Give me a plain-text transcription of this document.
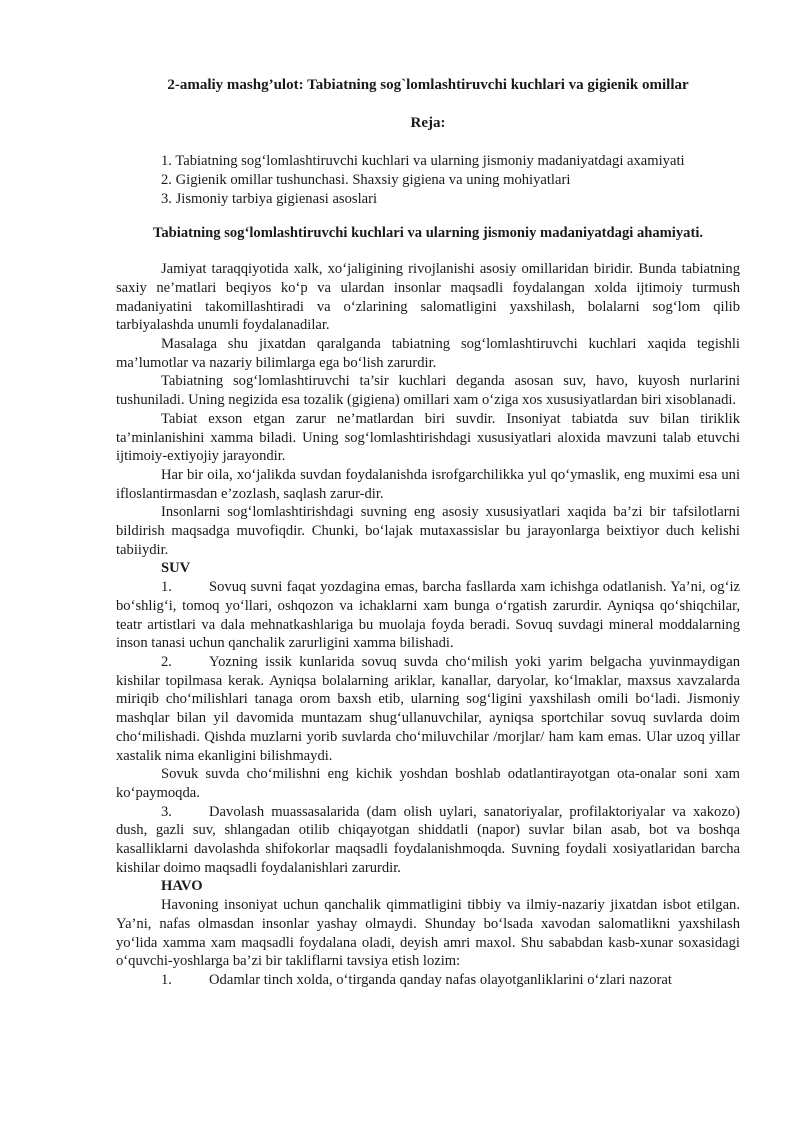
2-amaliy mashg’ulot: Tabiatning sog`lomlashtiruvchi kuchlari va gigienik omillar

Reja:

1. Tabiatning sog‘lomlashtiruvchi kuchlari va ularning jismoniy madaniyatdagi axamiyati
2. Gigienik omillar tushunchasi. Shaxsiy gigiena va uning mohiyatlari
3. Jismoniy tarbiya gigienasi asoslari

Tabiatning sog‘lomlashtiruvchi kuchlari va ularning jismoniy madaniyatdagi ahamiyati.

Jamiyat taraqqiyotida xalk, xo‘jaligining rivojlanishi asosiy omillaridan biridir. Bunda tabiatning saxiy ne’matlari beqiyos ko‘p va ulardan insonlar maqsadli foydalangan xolda ijtimoiy turmush madaniyatini takomillashtiradi va o‘zlarining salomatligini yaxshilash, bolalarni sog‘lom qilib tarbiyalashda unumli foydalanadilar.

Masalaga shu jixatdan qaralganda tabiatning sog‘lomlashtiruvchi kuchlari xaqida tegishli ma’lumotlar va nazariy bilimlarga ega bo‘lish zarurdir.

Tabiatning sog‘lomlashtiruvchi ta’sir kuchlari deganda asosan suv, havo, kuyosh nurlarini tushuniladi. Uning negizida esa tozalik (gigiena) omillari xam o‘ziga xos xususiyatlardan biri xisoblanadi.

Tabiat exson etgan zarur ne’matlardan biri suvdir. Insoniyat tabiatda suv bilan tiriklik ta’minlanishini xamma biladi. Uning sog‘lomlashtirishdagi xususiyatlari aloxida mavzuni talab etuvchi ijtimoiy-extiyojiy jarayondir.

Har bir oila, xo‘jalikda suvdan foydalanishda isrofgarchilikka yul qo‘ymaslik, eng muximi esa uni ifloslantirmasdan e’zozlash, saqlash zarur-dir.

Insonlarni sog‘lomlashtirishdagi suvning eng asosiy xususiyatlari xaqida ba’zi bir tafsilotlarni bildirish maqsadga muvofiqdir. Chunki, bo‘lajak mutaxassislar bu jarayonlarga beixtiyor duch kelishi tabiiydir.

SUV

1.	Sovuq suvni faqat yozdagina emas, barcha fasllarda xam ichishga odatlanish. Ya’ni, og‘iz bo‘shlig‘i, tomoq yo‘llari, oshqozon va ichaklarni xam bunga o‘rgatish zarurdir. Ayniqsa qo‘shiqchilar, teatr artistlari va dala mehnatkashlariga bu muolaja foyda beradi. Sovuq suvdagi mineral moddalarning inson tanasi uchun qanchalik zarurligini xamma bilishadi.

2.	Yozning issik kunlarida sovuq suvda cho‘milish yoki yarim belgacha yuvinmaydigan kishilar topilmasa kerak. Ayniqsa bolalarning ariklar, kanallar, daryolar, ko‘lmaklar, maxsus xavzalarda miriqib cho‘milishlari tanaga orom baxsh etib, ularning sog‘ligini yaxshilash omili bo‘ladi. Jismoniy mashqlar bilan yil davomida muntazam shug‘ullanuvchilar, ayniqsa sportchilar sovuq suvlarda doim cho‘milishadi. Qishda muzlarni yorib suvlarda cho‘miluvchilar /morjlar/ ham kam emas. Ular uzoq yillar xastalik nima ekanligini bilishmaydi.

Sovuk suvda cho‘milishni eng kichik yoshdan boshlab odatlantirayotgan ota-onalar soni xam ko‘paymoqda.

3.	Davolash muassasalarida (dam olish uylari, sanatoriyalar, profilaktoriyalar va xakozo) dush, gazli suv, shlangadan otilib chiqayotgan shiddatli (napor) suvlar bilan asab, bot va boshqa kasalliklarni davolashda shifokorlar maqsadli foydalanishmoqda. Suvning foydali xosiyatlaridan barcha kishilar doimo maqsadli foydalanishlari zarurdir.

HAVO

Havoning insoniyat uchun qanchalik qimmatligini tibbiy va ilmiy-nazariy jixatdan isbot etilgan. Ya’ni, nafas olmasdan insonlar yashay olmaydi. Shunday bo‘lsada xavodan salomatlikni yaxshilash yo‘lida xamma xam maqsadli foydalana oladi, deyish amri maxol. Shu sababdan kasb-xunar soxasidagi o‘quvchi-yoshlarga ba’zi bir takliflarni tavsiya etish lozim:

1.	Odamlar tinch xolda, o‘tirganda qanday nafas olayotganliklarini o‘zlari nazorat
